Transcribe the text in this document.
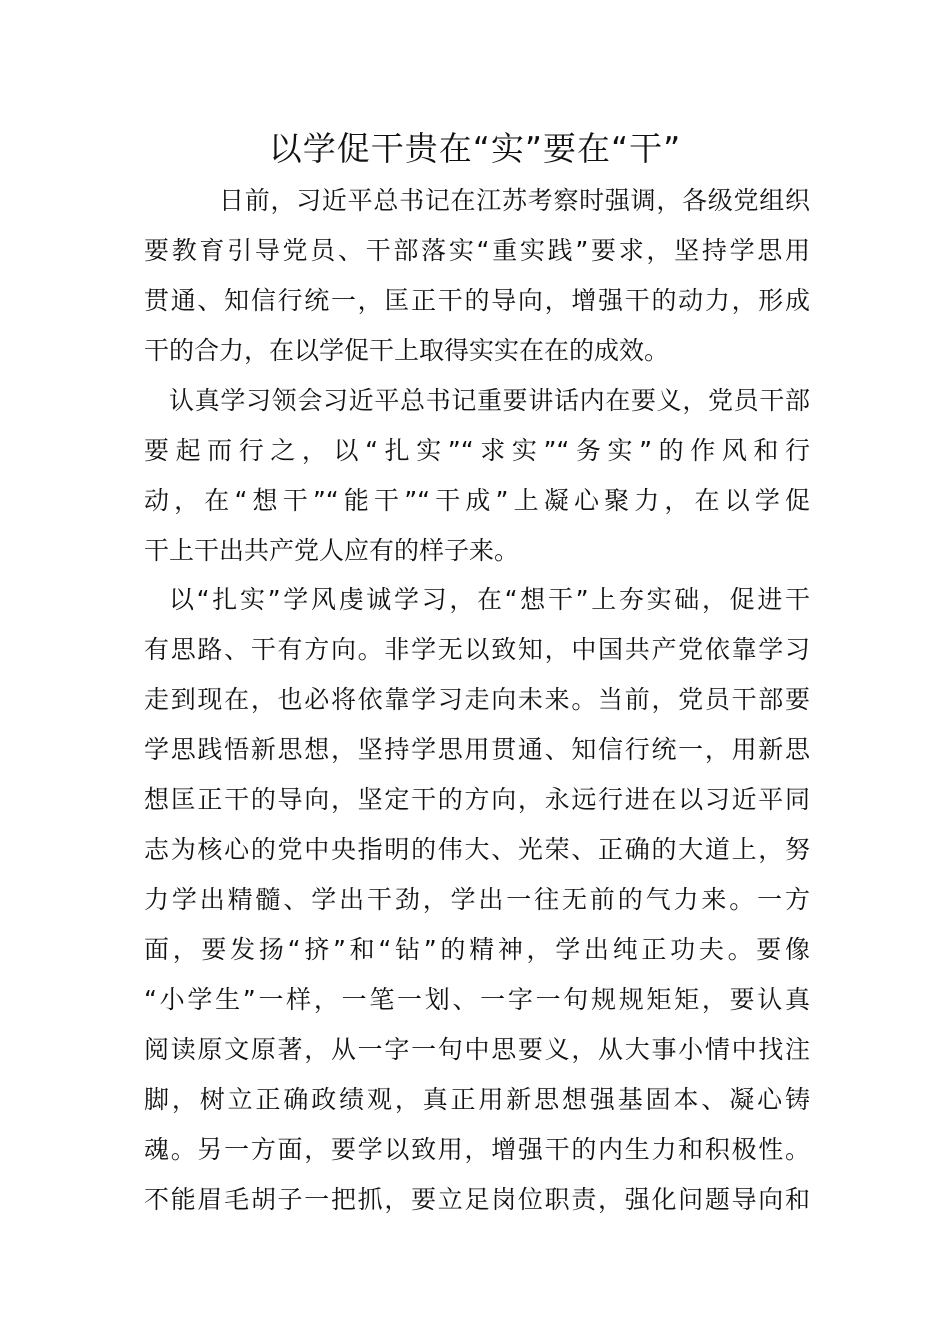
以学促干贵在“实”要在“干”
日前，习近平总书记在江苏考察时强调，各级党组织
要教育引导党员、干部落实“重实践”要求，坚持学思用
贯通、知信行统一，匡正干的导向，增强干的动力，形成
干的合力，在以学促干上取得实实在在的成效。
认真学习领会习近平总书记重要讲话内在要义，党员干部
要起而行之，以“扎实”“求实”“务实”的作风和行
动，在“想干”“能干”“干成”上凝心聚力，在以学促
干上干出共产党人应有的样子来。
以“扎实”学风虔诚学习，在“想干”上夯实础，促进干
有思路、干有方向。非学无以致知，中国共产党依靠学习
走到现在，也必将依靠学习走向未来。当前，党员干部要
学思践悟新思想，坚持学思用贯通、知信行统一，用新思
想匡正干的导向，坚定干的方向，永远行进在以习近平同
志为核心的党中央指明的伟大、光荣、正确的大道上，努
力学出精髓、学出干劲，学出一往无前的气力来。一方
面，要发扬“挤”和“钻”的精神，学出纯正功夫。要像
“小学生”一样，一笔一划、一字一句规规矩矩，要认真
阅读原文原著，从一字一句中思要义，从大事小情中找注
脚，树立正确政绩观，真正用新思想强基固本、凝心铸
魂。另一方面，要学以致用，增强干的内生力和积极性。
不能眉毛胡子一把抓，要立足岗位职责，强化问题导向和
